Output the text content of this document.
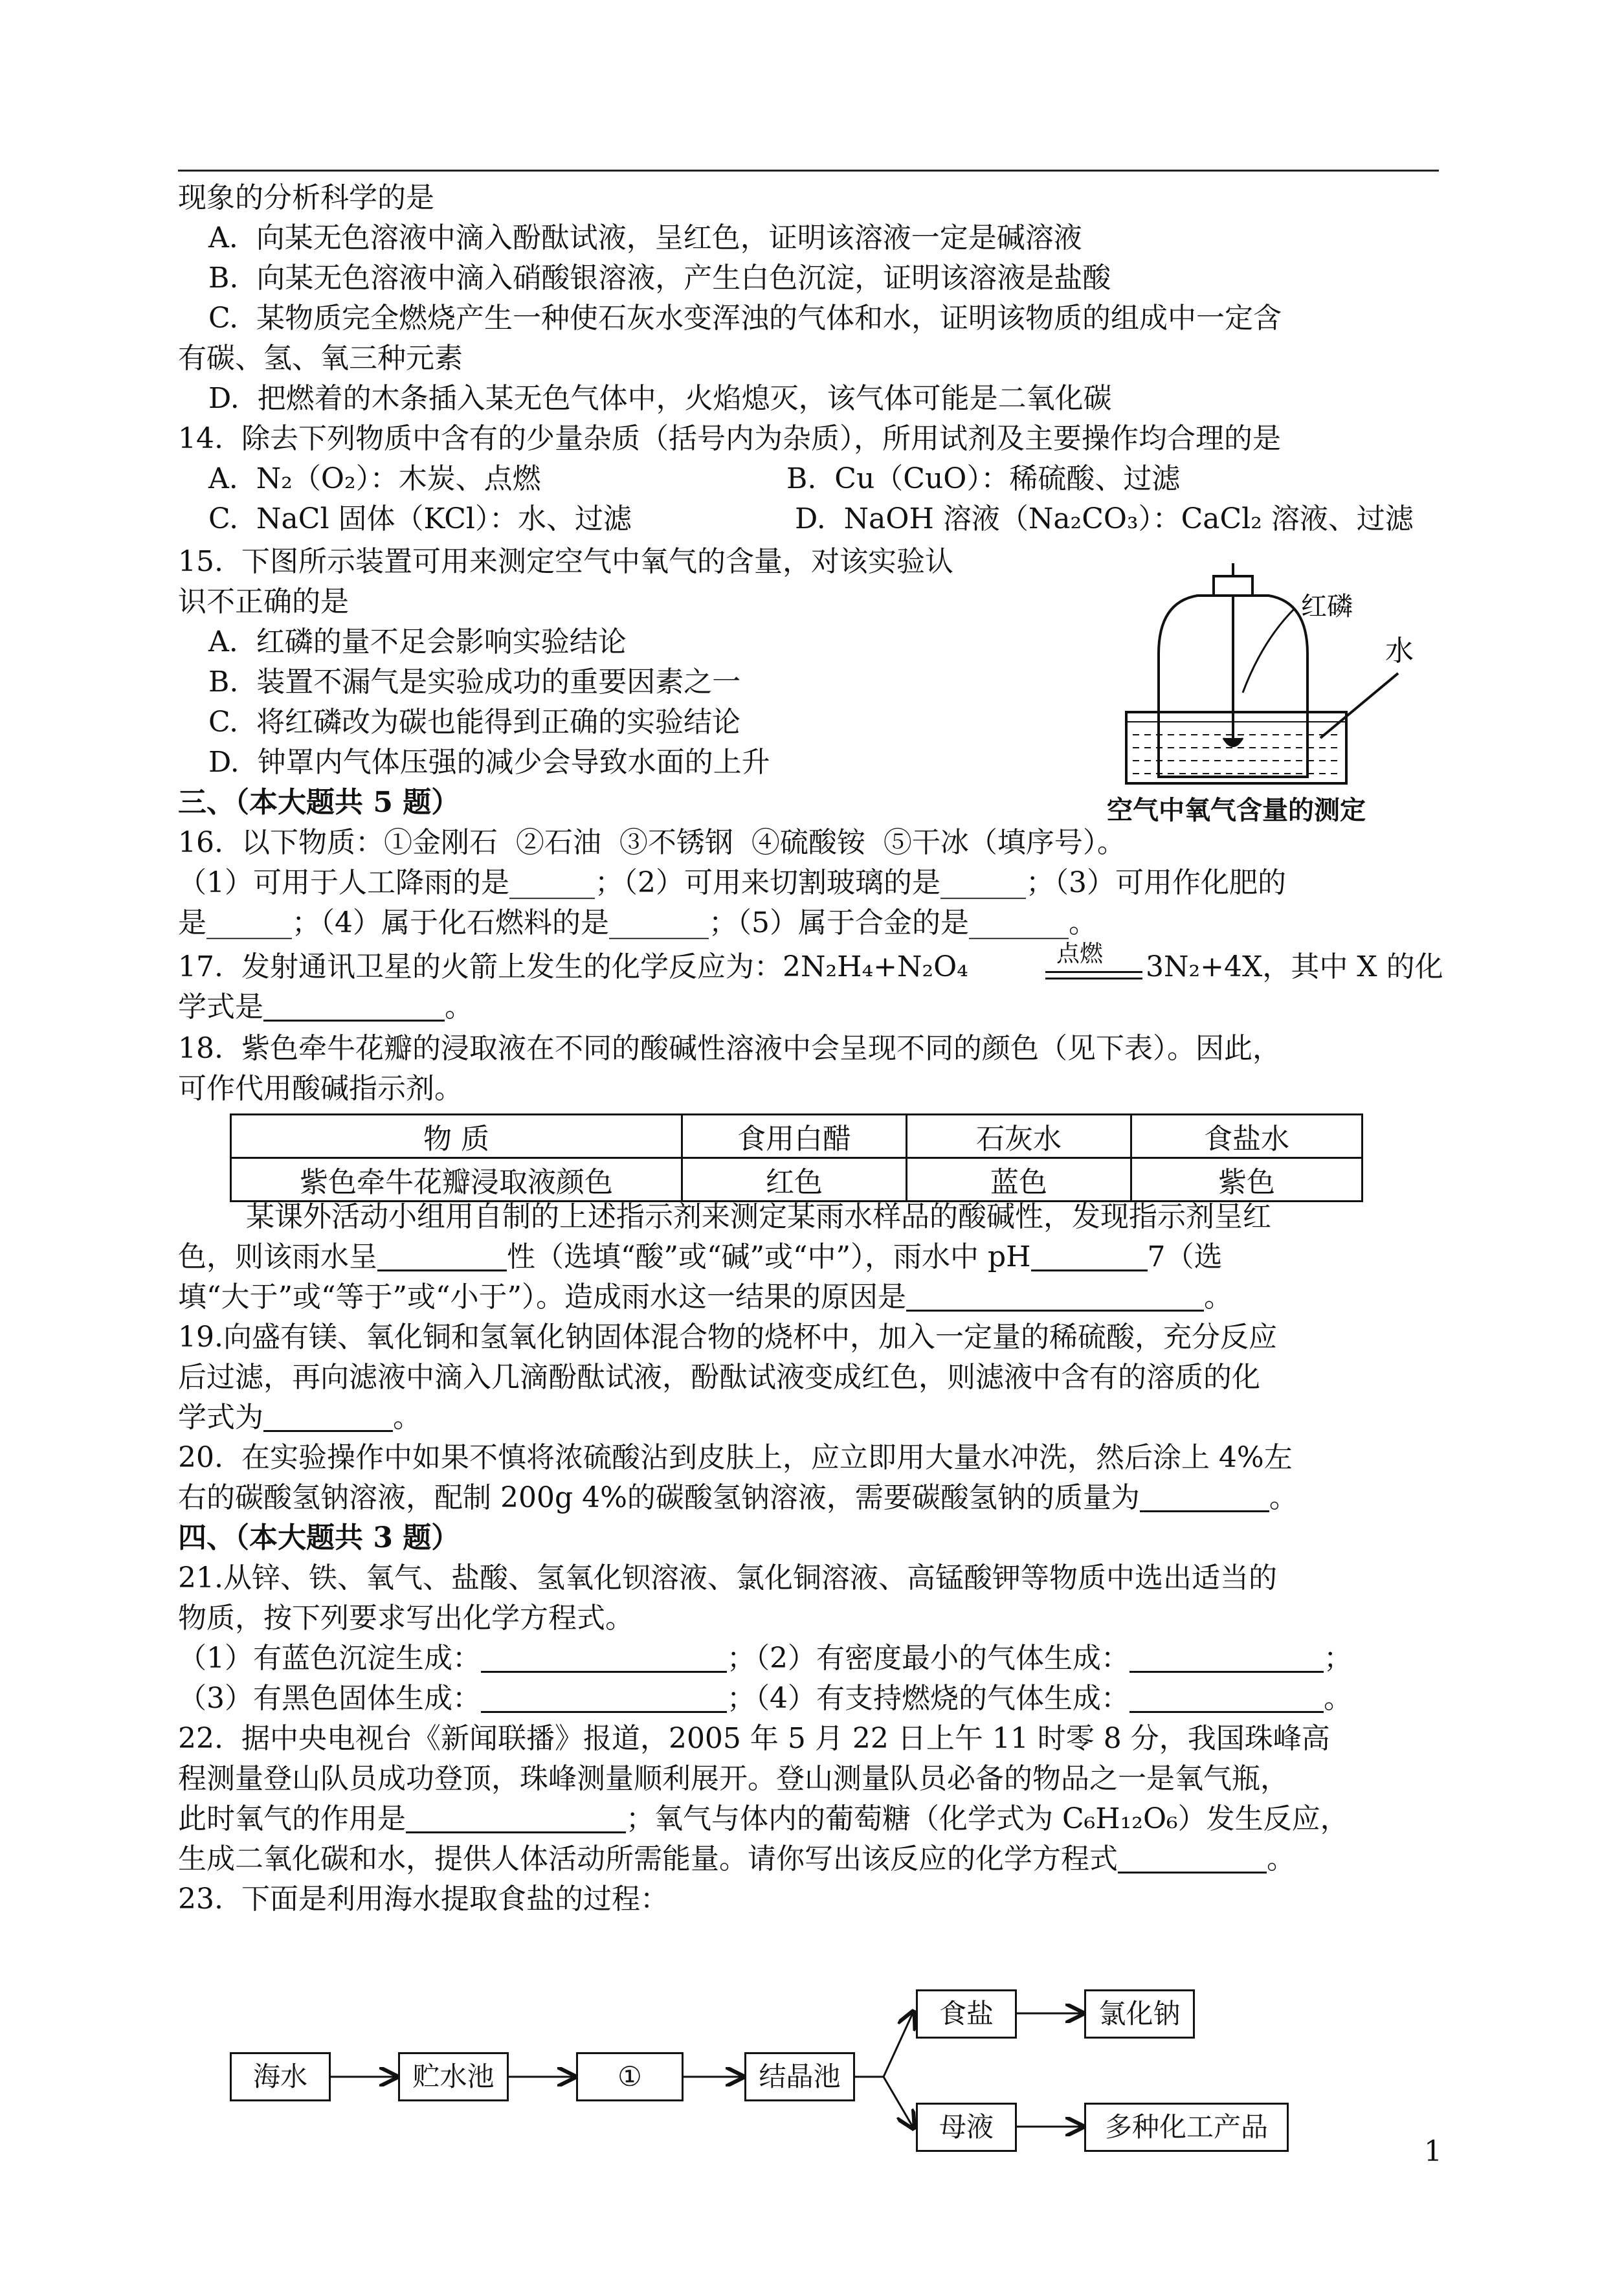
现象的分析科学的是
A.  向某无色溶液中滴入酚酞试液，呈红色，证明该溶液一定是碱溶液
B.  向某无色溶液中滴入硝酸银溶液，产生白色沉淀，证明该溶液是盐酸
C.  某物质完全燃烧产生一种使石灰水变浑浊的气体和水，证明该物质的组成中一定含
有碳、氢、氧三种元素
D.  把燃着的木条插入某无色气体中，火焰熄灭，该气体可能是二氧化碳
14.  除去下列物质中含有的少量杂质（括号内为杂质），所用试剂及主要操作均合理的是
A.  N₂（O₂）：木炭、点燃	B.  Cu（CuO）：稀硫酸、过滤
C.  NaCl 固体（KCl）：水、过滤	D.  NaOH 溶液（Na₂CO₃）：CaCl₂ 溶液、过滤
15.  下图所示装置可用来测定空气中氧气的含量，对该实验认
识不正确的是
A.  红磷的量不足会影响实验结论
B.  装置不漏气是实验成功的重要因素之一
C.  将红磷改为碳也能得到正确的实验结论
D.  钟罩内气体压强的减少会导致水面的上升
红磷
水
空气中氧气含量的测定
三、（本大题共 5 题）
16.  以下物质：①金刚石  ②石油  ③不锈钢  ④硫酸铵  ⑤干冰（填序号）。
（1）可用于人工降雨的是______；（2）可用来切割玻璃的是______；（3）可用作化肥的
是______；（4）属于化石燃料的是_______；（5）属于合金的是_______。
17.  发射通讯卫星的火箭上发生的化学反应为：2N₂H₄+N₂O₄	点燃 3N₂+4X，其中 X 的化
学式是	。
18.  紫色牵牛花瓣的浸取液在不同的酸碱性溶液中会呈现不同的颜色（见下表）。因此，
可作代用酸碱指示剂。
物 质	食用白醋	石灰水	食盐水
紫色牵牛花瓣浸取液颜色	红色	蓝色	紫色
某课外活动小组用自制的上述指示剂来测定某雨水样品的酸碱性，发现指示剂呈红
色，则该雨水呈	性（选填“酸”或“碱”或“中”），雨水中 pH	7（选
填“大于”或“等于”或“小于”）。造成雨水这一结果的原因是	。
19.向盛有镁、氧化铜和氢氧化钠固体混合物的烧杯中，加入一定量的稀硫酸，充分反应
后过滤，再向滤液中滴入几滴酚酞试液，酚酞试液变成红色，则滤液中含有的溶质的化
学式为	。
20.  在实验操作中如果不慎将浓硫酸沾到皮肤上，应立即用大量水冲洗，然后涂上 4%左
右的碳酸氢钠溶液，配制 200g 4%的碳酸氢钠溶液，需要碳酸氢钠的质量为	。
四、（本大题共 3 题）
21.从锌、铁、氧气、盐酸、氢氧化钡溶液、氯化铜溶液、高锰酸钾等物质中选出适当的
物质，按下列要求写出化学方程式。
（1）有蓝色沉淀生成：	；（2）有密度最小的气体生成：	；
（3）有黑色固体生成：	；（4）有支持燃烧的气体生成：	。
22.  据中央电视台《新闻联播》报道，2005 年 5 月 22 日上午 11 时零 8 分，我国珠峰高
程测量登山队员成功登顶，珠峰测量顺利展开。登山测量队员必备的物品之一是氧气瓶，
此时氧气的作用是	；氧气与体内的葡萄糖（化学式为 C₆H₁₂O₆）发生反应，
生成二氧化碳和水，提供人体活动所需能量。请你写出该反应的化学方程式	。
23.  下面是利用海水提取食盐的过程：
海水	贮水池	①	结晶池
食盐	氯化钠
母液	多种化工产品
1
